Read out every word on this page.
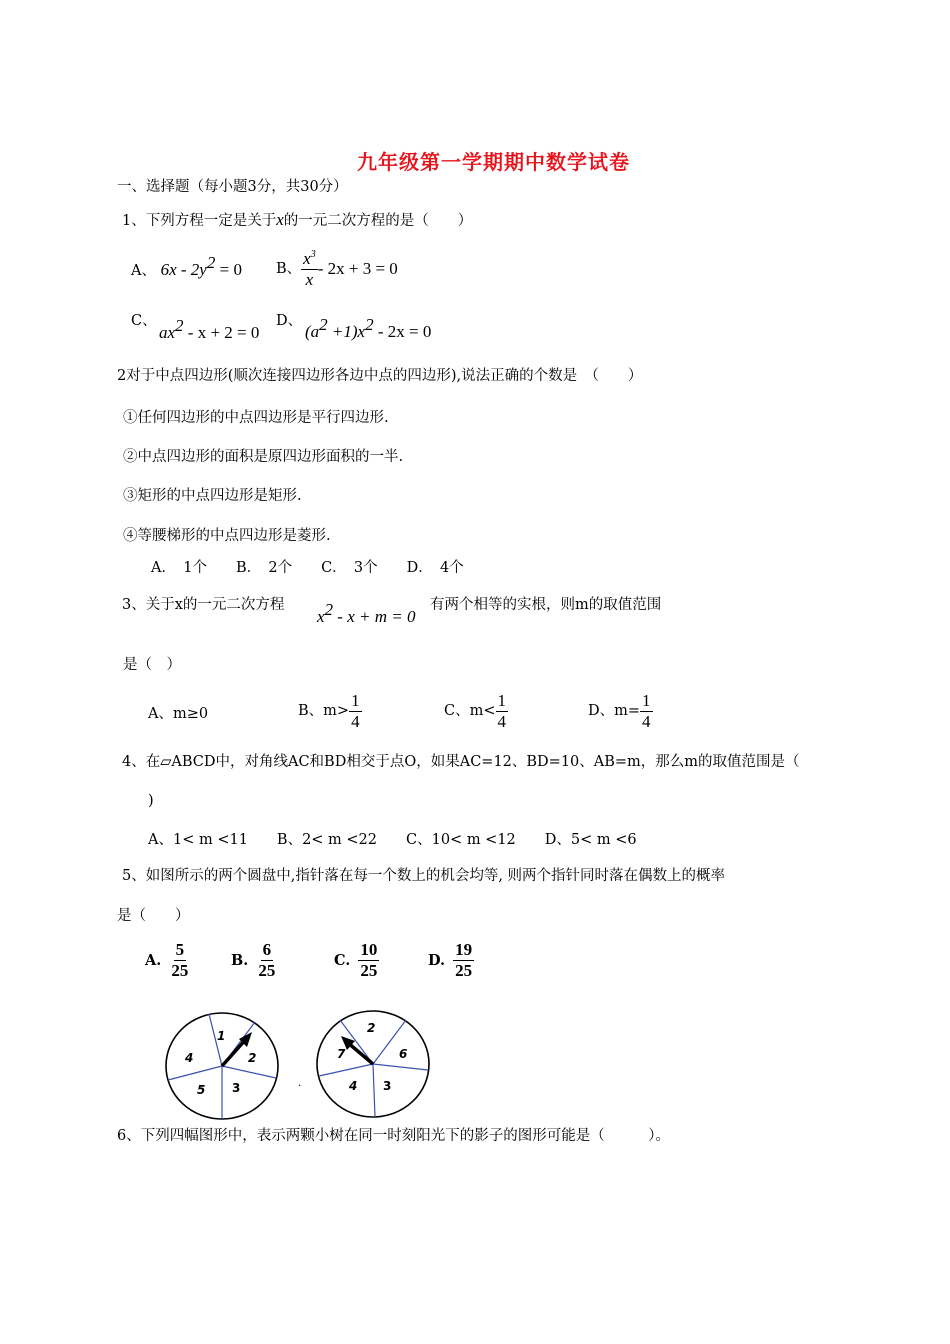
九年级第一学期期中数学试卷
一、选择题（每小题3分，共30分）
1、下列方程一定是关于x的一元二次方程的是（　　）
A、 $6x - 2y^2 = 0$ B、 $\frac{x^3}{x} - 2x + 3 = 0$
C、
$ax^2 - x + 2 = 0$
D、
$(a^2 +1)x^2 - 2x = 0$
2对于中点四边形(顺次连接四边形各边中点的四边形),说法正确的个数是　（　　）
①任何四边形的中点四边形是平行四边形.
②中点四边形的面积是原四边形面积的一半.
③矩形的中点四边形是矩形.
④等腰梯形的中点四边形是菱形.
A．　1个　　B．　2个　　C．　3个　　D．　4个
3、关于x的一元二次方程
$x^2 - x + m = 0$
有两个相等的实根，则m的取值范围
是（　）
A、m≥0	B、$m> \frac{1}{4}$	C、$m< \frac{1}{4}$	D、$m= \frac{1}{4}$
4、在▱ABCD中，对角线AC和BD相交于点O，如果AC=12、BD=10、AB=m，那么m的取值范围是（
)
A、1< m <11　　B、2< m <22　　C、10< m <12　　D、5< m <6
5、如图所示的两个圆盘中,指针落在每一个数上的机会均等, 则两个指针同时落在偶数上的概率
是（　　）
A. $\frac{5}{25}$	B. $\frac{6}{25}$	C. $\frac{10}{25}$	D. $\frac{19}{25}$
1
2
3
5
4
·
2
6
3
4
7
6、下列四幅图形中，表示两颗小树在同一时刻阳光下的影子的图形可能是（　　　）。
